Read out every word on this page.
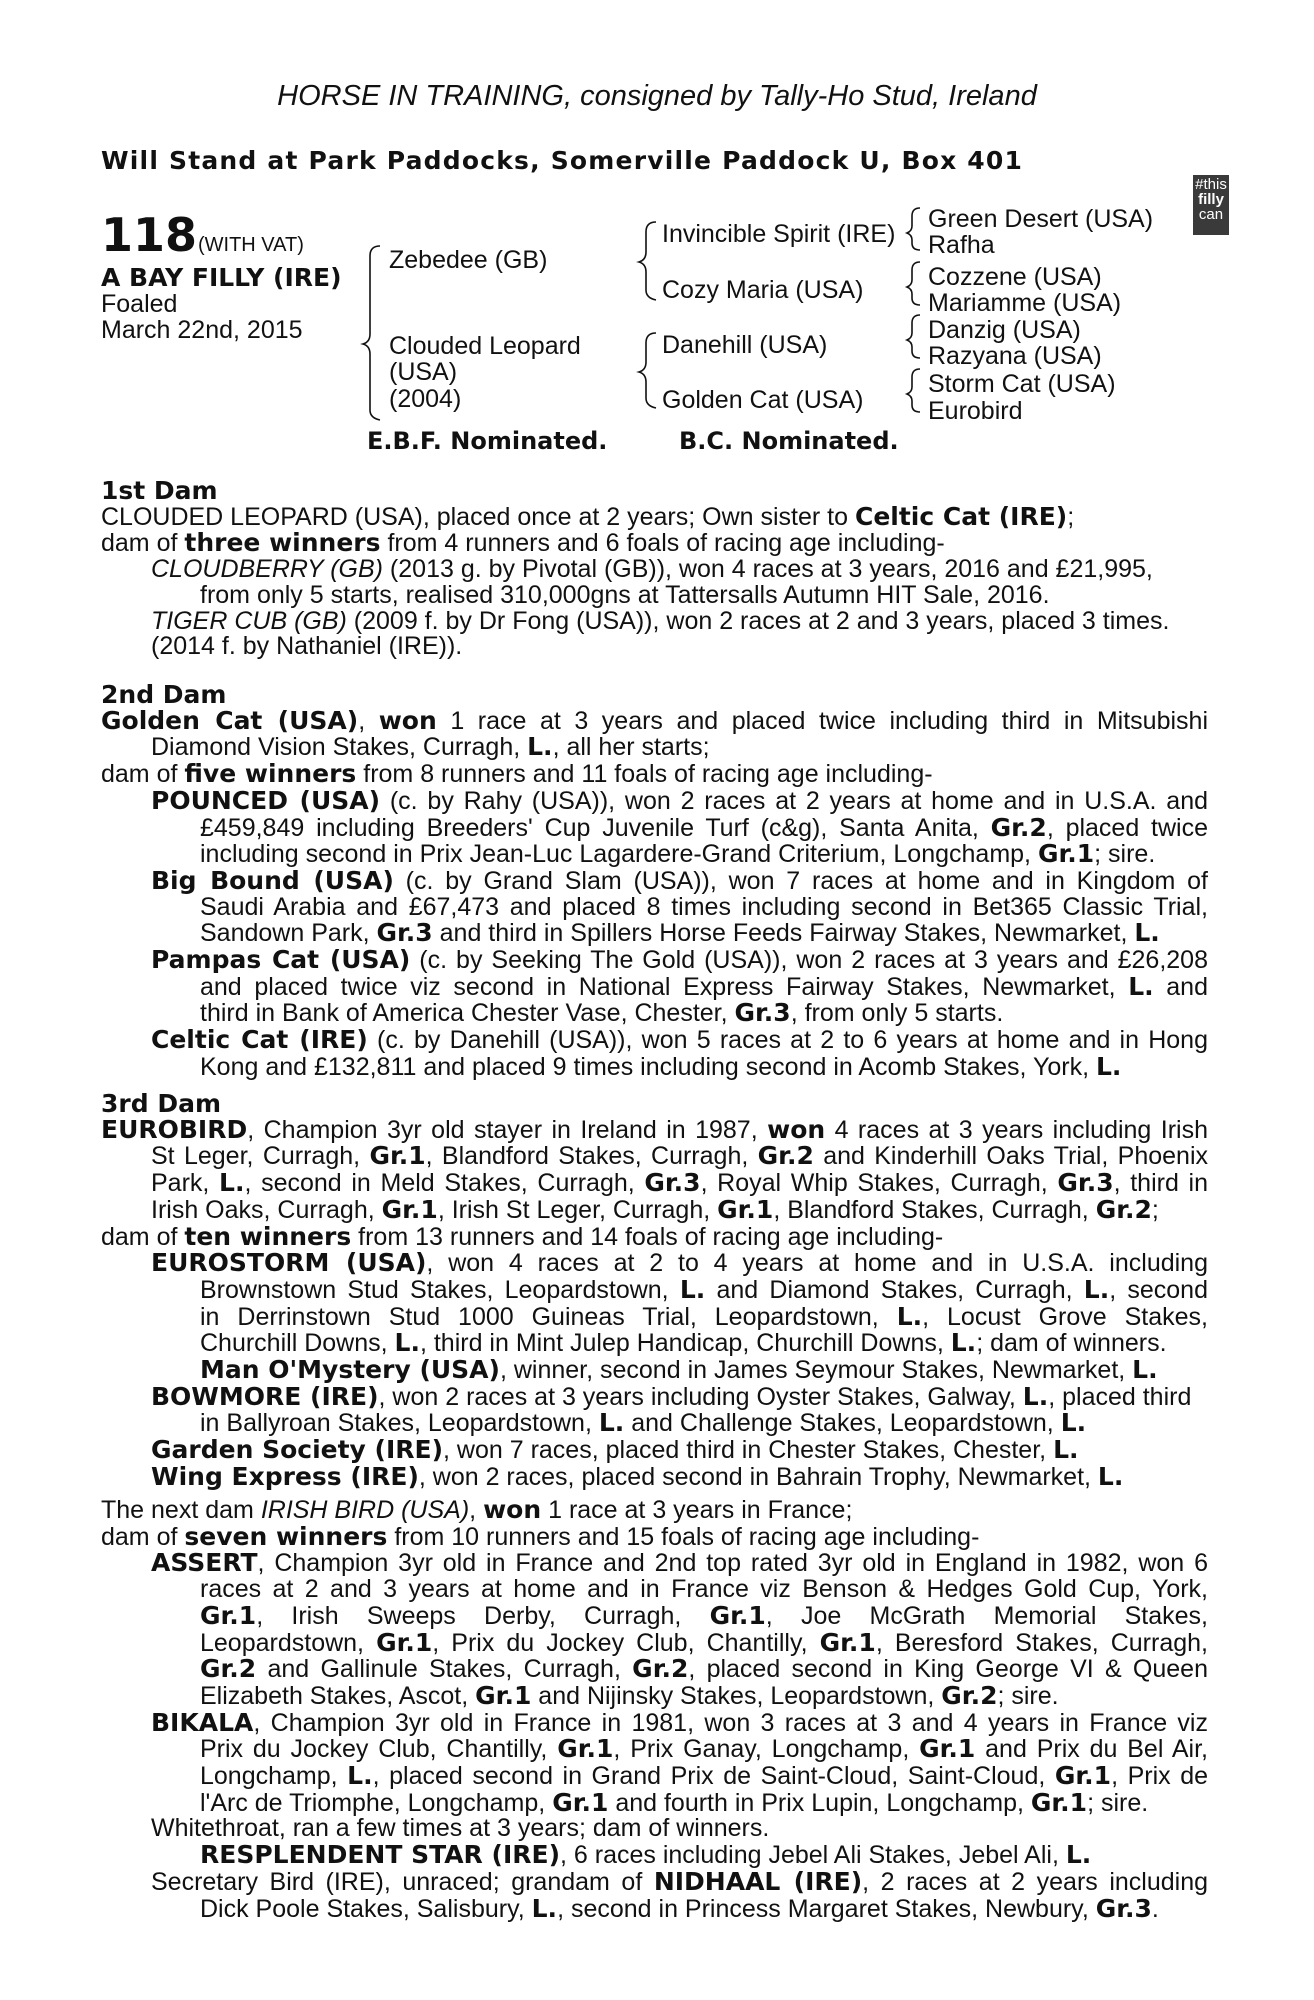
HORSE IN TRAINING, consigned by Tally-Ho Stud, Ireland
Will Stand at Park Paddocks, Somerville Paddock U, Box 401
#this
filly
can
118 (WITH VAT)
A BAY FILLY (IRE)
Foaled
March 22nd, 2015
Zebedee (GB)
Clouded Leopard
(USA)
(2004)
Invincible Spirit (IRE)
Cozy Maria (USA)
Danehill (USA)
Golden Cat (USA)
Green Desert (USA)
Rafha
Cozzene (USA)
Mariamme (USA)
Danzig (USA)
Razyana (USA)
Storm Cat (USA)
Eurobird
E.B.F. Nominated.	B.C. Nominated.
1st Dam
CLOUDED LEOPARD (USA), placed once at 2 years; Own sister to Celtic Cat (IRE);
dam of three winners from 4 runners and 6 foals of racing age including-
CLOUDBERRY (GB) (2013 g. by Pivotal (GB)), won 4 races at 3 years, 2016 and £21,995,
from only 5 starts, realised 310,000gns at Tattersalls Autumn HIT Sale, 2016.
TIGER CUB (GB) (2009 f. by Dr Fong (USA)), won 2 races at 2 and 3 years, placed 3 times.
(2014 f. by Nathaniel (IRE)).
2nd Dam
Golden Cat (USA), won 1 race at 3 years and placed twice including third in Mitsubishi
Diamond Vision Stakes, Curragh, L., all her starts;
dam of five winners from 8 runners and 11 foals of racing age including-
POUNCED (USA) (c. by Rahy (USA)), won 2 races at 2 years at home and in U.S.A. and
£459,849 including Breeders' Cup Juvenile Turf (c&g), Santa Anita, Gr.2, placed twice
including second in Prix Jean-Luc Lagardere-Grand Criterium, Longchamp, Gr.1; sire.
Big Bound (USA) (c. by Grand Slam (USA)), won 7 races at home and in Kingdom of
Saudi Arabia and £67,473 and placed 8 times including second in Bet365 Classic Trial,
Sandown Park, Gr.3 and third in Spillers Horse Feeds Fairway Stakes, Newmarket, L.
Pampas Cat (USA) (c. by Seeking The Gold (USA)), won 2 races at 3 years and £26,208
and placed twice viz second in National Express Fairway Stakes, Newmarket, L. and
third in Bank of America Chester Vase, Chester, Gr.3, from only 5 starts.
Celtic Cat (IRE) (c. by Danehill (USA)), won 5 races at 2 to 6 years at home and in Hong
Kong and £132,811 and placed 9 times including second in Acomb Stakes, York, L.
3rd Dam
EUROBIRD, Champion 3yr old stayer in Ireland in 1987, won 4 races at 3 years including Irish
St Leger, Curragh, Gr.1, Blandford Stakes, Curragh, Gr.2 and Kinderhill Oaks Trial, Phoenix
Park, L., second in Meld Stakes, Curragh, Gr.3, Royal Whip Stakes, Curragh, Gr.3, third in
Irish Oaks, Curragh, Gr.1, Irish St Leger, Curragh, Gr.1, Blandford Stakes, Curragh, Gr.2;
dam of ten winners from 13 runners and 14 foals of racing age including-
EUROSTORM (USA), won 4 races at 2 to 4 years at home and in U.S.A. including
Brownstown Stud Stakes, Leopardstown, L. and Diamond Stakes, Curragh, L., second
in Derrinstown Stud 1000 Guineas Trial, Leopardstown, L., Locust Grove Stakes,
Churchill Downs, L., third in Mint Julep Handicap, Churchill Downs, L.; dam of winners.
Man O'Mystery (USA), winner, second in James Seymour Stakes, Newmarket, L.
BOWMORE (IRE), won 2 races at 3 years including Oyster Stakes, Galway, L., placed third
in Ballyroan Stakes, Leopardstown, L. and Challenge Stakes, Leopardstown, L.
Garden Society (IRE), won 7 races, placed third in Chester Stakes, Chester, L.
Wing Express (IRE), won 2 races, placed second in Bahrain Trophy, Newmarket, L.
The next dam IRISH BIRD (USA), won 1 race at 3 years in France;
dam of seven winners from 10 runners and 15 foals of racing age including-
ASSERT, Champion 3yr old in France and 2nd top rated 3yr old in England in 1982, won 6
races at 2 and 3 years at home and in France viz Benson & Hedges Gold Cup, York,
Gr.1, Irish Sweeps Derby, Curragh, Gr.1, Joe McGrath Memorial Stakes,
Leopardstown, Gr.1, Prix du Jockey Club, Chantilly, Gr.1, Beresford Stakes, Curragh,
Gr.2 and Gallinule Stakes, Curragh, Gr.2, placed second in King George VI & Queen
Elizabeth Stakes, Ascot, Gr.1 and Nijinsky Stakes, Leopardstown, Gr.2; sire.
BIKALA, Champion 3yr old in France in 1981, won 3 races at 3 and 4 years in France viz
Prix du Jockey Club, Chantilly, Gr.1, Prix Ganay, Longchamp, Gr.1 and Prix du Bel Air,
Longchamp, L., placed second in Grand Prix de Saint-Cloud, Saint-Cloud, Gr.1, Prix de
l'Arc de Triomphe, Longchamp, Gr.1 and fourth in Prix Lupin, Longchamp, Gr.1; sire.
Whitethroat, ran a few times at 3 years; dam of winners.
RESPLENDENT STAR (IRE), 6 races including Jebel Ali Stakes, Jebel Ali, L.
Secretary Bird (IRE), unraced; grandam of NIDHAAL (IRE), 2 races at 2 years including
Dick Poole Stakes, Salisbury, L., second in Princess Margaret Stakes, Newbury, Gr.3.
